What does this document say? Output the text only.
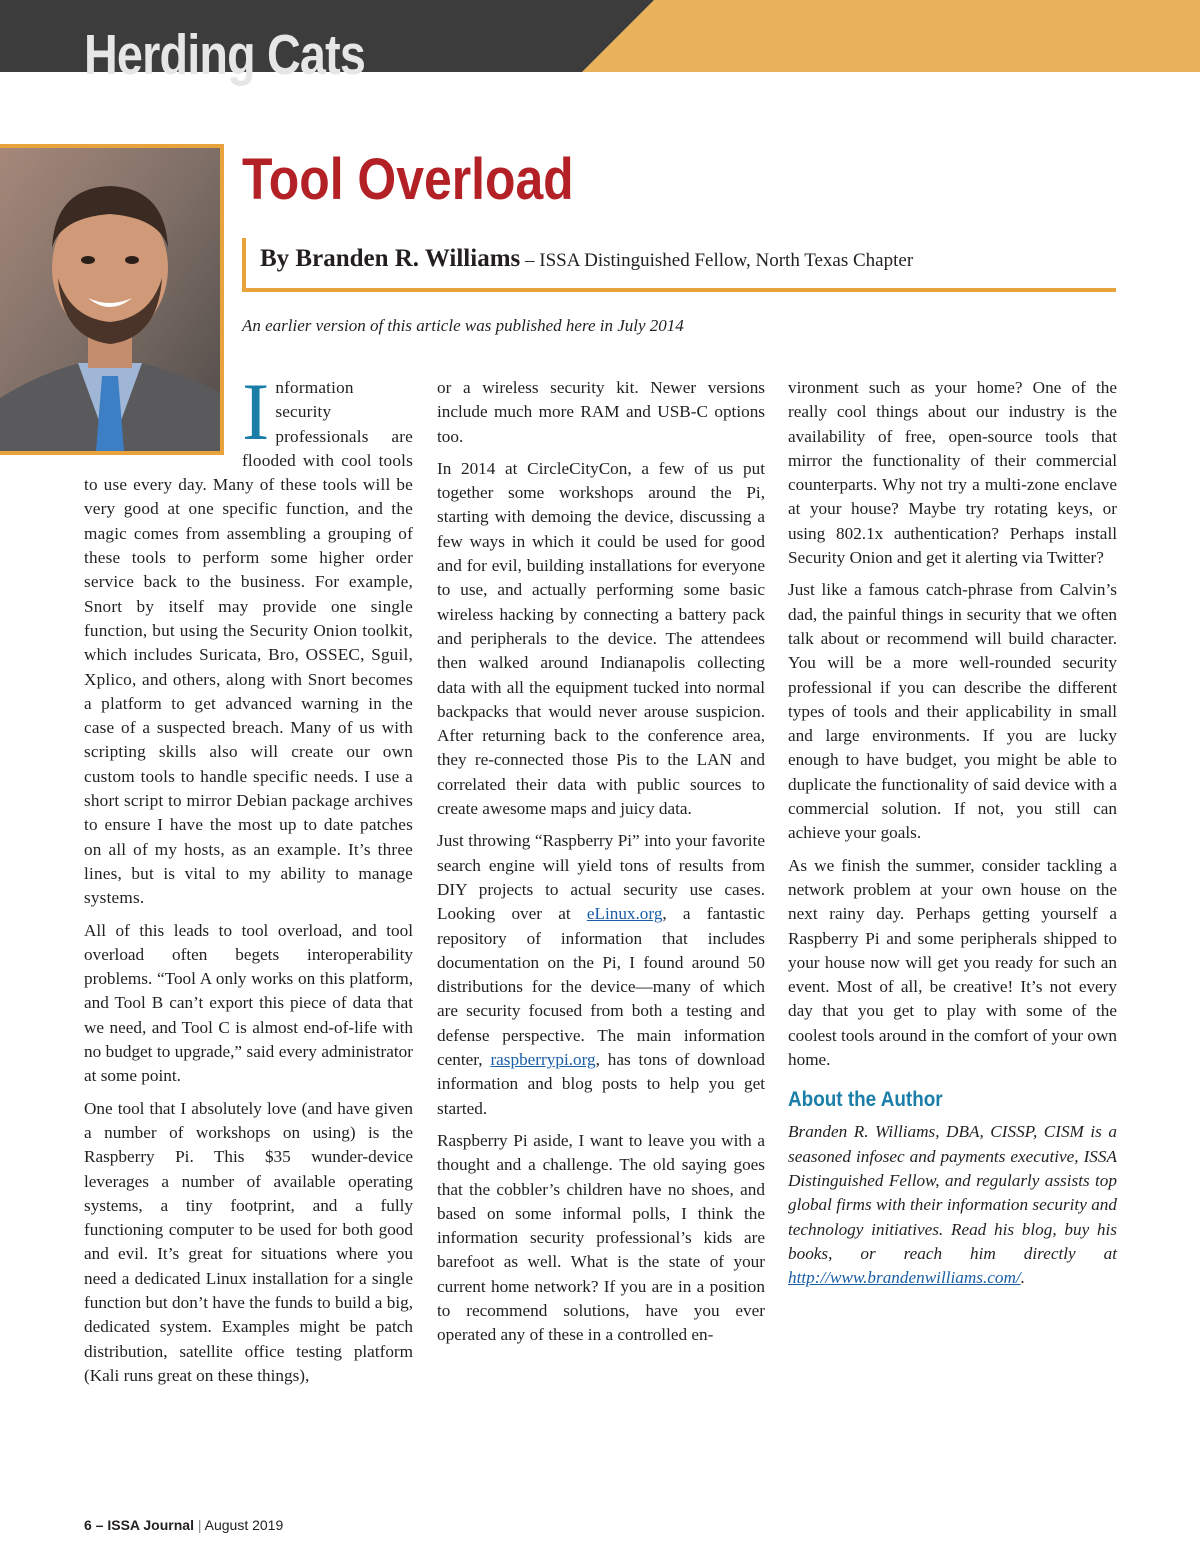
Herding Cats
Tool Overload
By Branden R. Williams – ISSA Distinguished Fellow, North Texas Chapter
An earlier version of this article was published here in July 2014

Information security professionals are flooded with cool tools to use every day. Many of these tools will be very good at one specific function, and the magic comes from assembling a grouping of these tools to perform some higher order service back to the business. For example, Snort by itself may provide one single function, but using the Security Onion toolkit, which includes Suricata, Bro, OSSEC, Sguil, Xplico, and others, along with Snort becomes a platform to get advanced warning in the case of a suspected breach. Many of us with scripting skills also will create our own custom tools to handle specific needs. I use a short script to mirror Debian package archives to ensure I have the most up to date patches on all of my hosts, as an example. It’s three lines, but is vital to my ability to manage systems.

All of this leads to tool overload, and tool overload often begets interoperability problems. “Tool A only works on this platform, and Tool B can’t export this piece of data that we need, and Tool C is almost end-of-life with no budget to upgrade,” said every administrator at some point.

One tool that I absolutely love (and have given a number of workshops on using) is the Raspberry Pi. This $35 wunder-device leverages a number of available operating systems, a tiny footprint, and a fully functioning computer to be used for both good and evil. It’s great for situations where you need a dedicated Linux installation for a single function but don’t have the funds to build a big, dedicated system. Examples might be patch distribution, satellite office testing platform (Kali runs great on these things),

or a wireless security kit. Newer versions include much more RAM and USB-C options too.

In 2014 at CircleCityCon, a few of us put together some workshops around the Pi, starting with demoing the device, discussing a few ways in which it could be used for good and for evil, building installations for everyone to use, and actually performing some basic wireless hacking by connecting a battery pack and peripherals to the device. The attendees then walked around Indianapolis collecting data with all the equipment tucked into normal backpacks that would never arouse suspicion. After returning back to the conference area, they re-connected those Pis to the LAN and correlated their data with public sources to create awesome maps and juicy data.

Just throwing “Raspberry Pi” into your favorite search engine will yield tons of results from DIY projects to actual security use cases. Looking over at eLinux.org, a fantastic repository of information that includes documentation on the Pi, I found around 50 distributions for the device—many of which are security focused from both a testing and defense perspective. The main information center, raspberrypi.org, has tons of download information and blog posts to help you get started.

Raspberry Pi aside, I want to leave you with a thought and a challenge. The old saying goes that the cobbler’s children have no shoes, and based on some informal polls, I think the information security professional’s kids are barefoot as well. What is the state of your current home network? If you are in a position to recommend solutions, have you ever operated any of these in a controlled en-

vironment such as your home? One of the really cool things about our industry is the availability of free, open-source tools that mirror the functionality of their commercial counterparts. Why not try a multi-zone enclave at your house? Maybe try rotating keys, or using 802.1x authentication? Perhaps install Security Onion and get it alerting via Twitter?

Just like a famous catch-phrase from Calvin’s dad, the painful things in security that we often talk about or recommend will build character. You will be a more well-rounded security professional if you can describe the different types of tools and their applicability in small and large environments. If you are lucky enough to have budget, you might be able to duplicate the functionality of said device with a commercial solution. If not, you still can achieve your goals.

As we finish the summer, consider tackling a network problem at your own house on the next rainy day. Perhaps getting yourself a Raspberry Pi and some peripherals shipped to your house now will get you ready for such an event. Most of all, be creative! It’s not every day that you get to play with some of the coolest tools around in the comfort of your own home.

About the Author

Branden R. Williams, DBA, CISSP, CISM is a seasoned infosec and payments executive, ISSA Distinguished Fellow, and regularly assists top global firms with their information security and technology initiatives. Read his blog, buy his books, or reach him directly at http://www.brandenwilliams.com/.

6 – ISSA Journal | August 2019
